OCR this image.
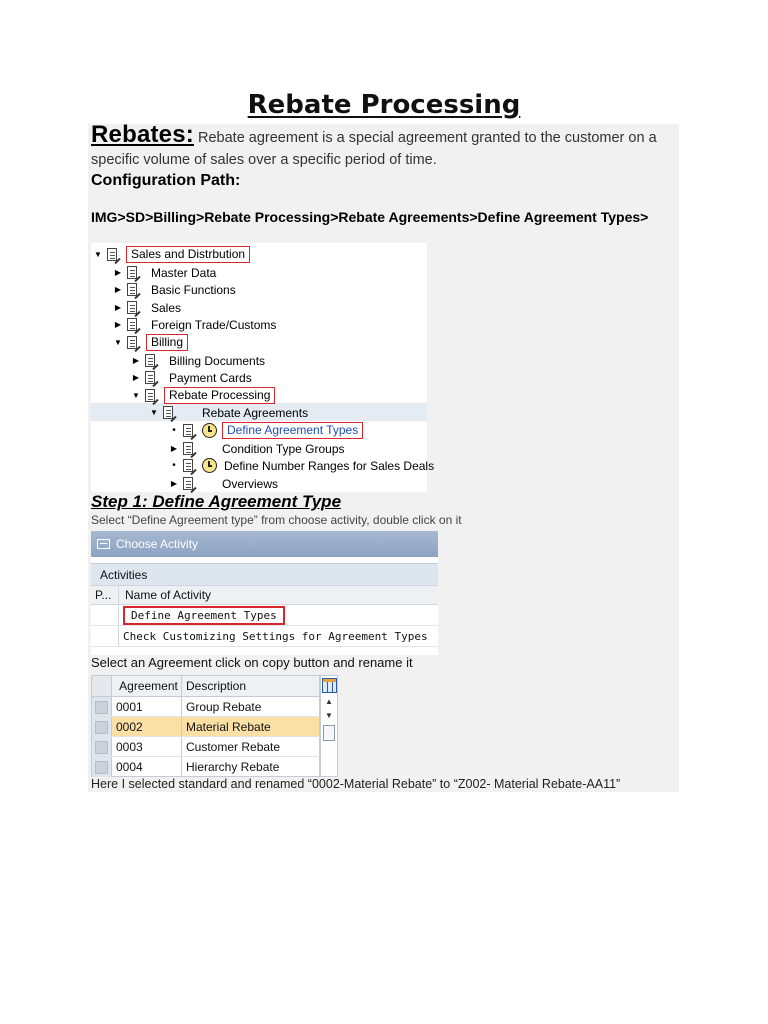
Rebate Processing
Rebates: Rebate agreement is a special agreement granted to the customer on a specific volume of sales over a specific period of time.
Configuration Path:
IMG>SD>Billing>Rebate Processing>Rebate Agreements>Define Agreement Types>
▼	Sales and Distrbution
▶	Master Data
▶	Basic Functions
▶	Sales
▶	Foreign Trade/Customs
▼	Billing
▶	Billing Documents
▶	Payment Cards
▼	Rebate Processing
▼	Rebate Agreements
•	Define Agreement Types
▶	Condition Type Groups
•	Define Number Ranges for Sales Deals
▶	Overviews
Step 1: Define Agreement Type
Select “Define Agreement type” from choose activity, double click on it
Choose Activity
Activities
P...	Name of Activity
Define Agreement Types
Check Customizing Settings for Agreement Types
Select an Agreement click on copy button and rename it
Agreement Description
0001	Group Rebate
0002	Material Rebate
0003	Customer Rebate
0004	Hierarchy Rebate
▲
▼
Here I selected standard and renamed “0002-Material Rebate” to “Z002- Material Rebate-AA11”
